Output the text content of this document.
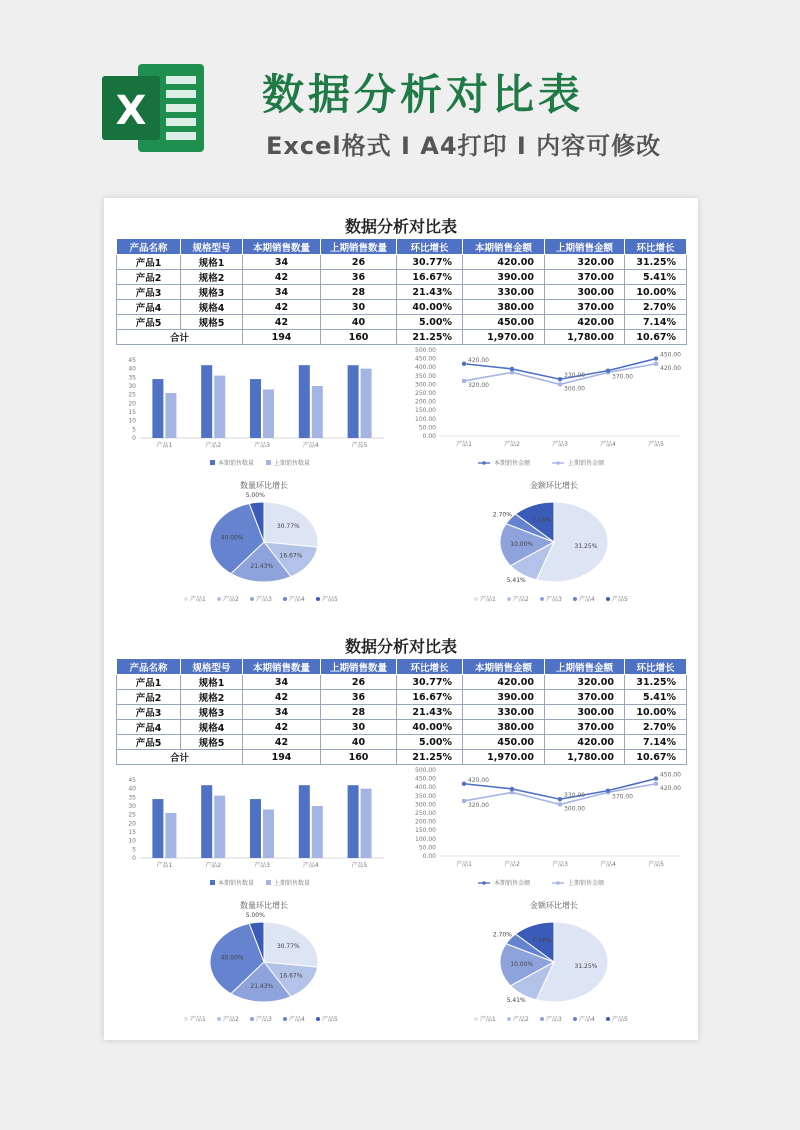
X	数据分析对比表
Excel格式 I A4打印 I 内容可修改
数据分析对比表
产品名称	规格型号	本期销售数量	上期销售数量	环比增长	本期销售金额	上期销售金额	环比增长
产品1	规格1	34	26	30.77%	420.00	320.00	31.25%
产品2	规格2	42	36	16.67%	390.00	370.00	5.41%
产品3	规格3	34	28	21.43%	330.00	300.00	10.00%
产品4	规格4	42	30	40.00%	380.00	370.00	2.70%
产品5	规格5	42	40	5.00%	450.00	420.00	7.14%
合计		194	160	21.25%	1,970.00	1,780.00	10.67%
0
5
10
15
20
25
30
35
40
45
产品1	产品2	产品3	产品4	产品5
本期销售数量	上期销售数量
0.00
50.00
100.00
150.00
200.00
250.00
300.00
350.00
400.00
450.00
500.00
产品1	产品2	产品3	产品4	产品5
320.00	300.00
370.00
420.00
420.00
330.00
450.00
本期销售金额	上期销售金额
数量环比增长
30.77%
16.67%
21.43%
40.00%
5.00%
产品1	产品2	产品3	产品4	产品5
金额环比增长
31.25%
5.41%
10.00%
2.70%
7.14%
产品1	产品2	产品3	产品4	产品5
数据分析对比表
产品名称	规格型号	本期销售数量	上期销售数量	环比增长	本期销售金额	上期销售金额	环比增长
产品1	规格1	34	26	30.77%	420.00	320.00	31.25%
产品2	规格2	42	36	16.67%	390.00	370.00	5.41%
产品3	规格3	34	28	21.43%	330.00	300.00	10.00%
产品4	规格4	42	30	40.00%	380.00	370.00	2.70%
产品5	规格5	42	40	5.00%	450.00	420.00	7.14%
合计		194	160	21.25%	1,970.00	1,780.00	10.67%
0
5
10
15
20
25
30
35
40
45
产品1	产品2	产品3	产品4	产品5
本期销售数量	上期销售数量
0.00
50.00
100.00
150.00
200.00
250.00
300.00
350.00
400.00
450.00
500.00
产品1	产品2	产品3	产品4	产品5
320.00	300.00
370.00
420.00
420.00
330.00
450.00
本期销售金额	上期销售金额
数量环比增长
30.77%
16.67%
21.43%
40.00%
5.00%
产品1	产品2	产品3	产品4	产品5
金额环比增长
31.25%
5.41%
10.00%
2.70%
7.14%
产品1	产品2	产品3	产品4	产品5
